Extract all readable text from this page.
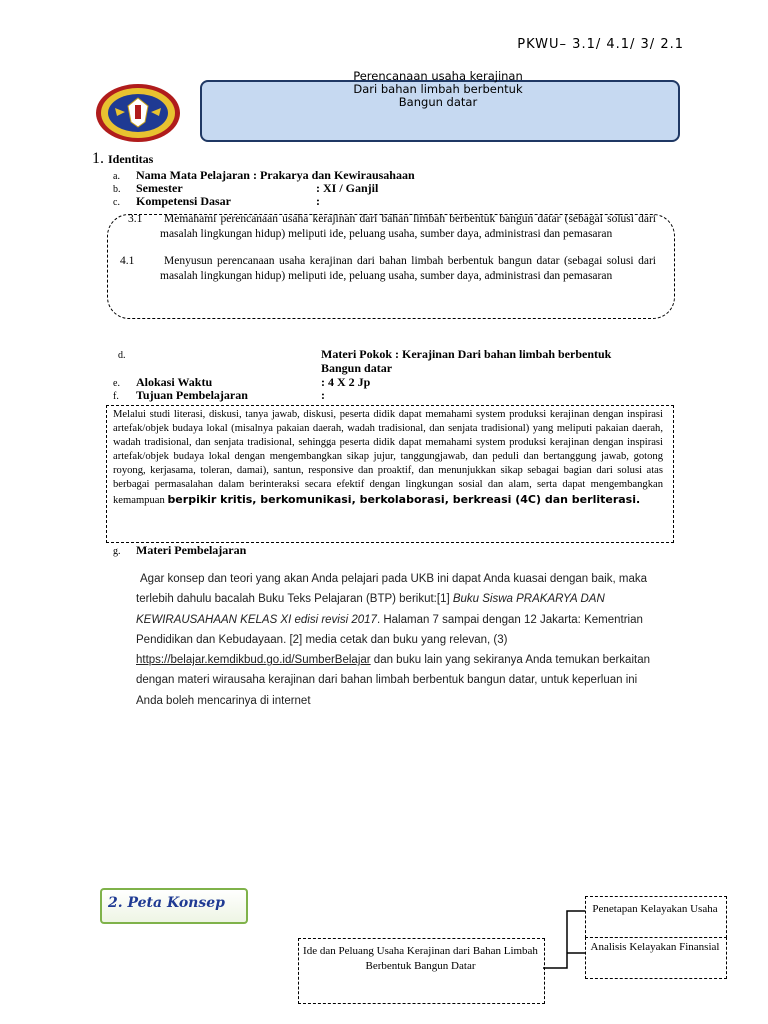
PKWU– 3.1/ 4.1/ 3/ 2.1
Perencanaan usaha kerajinan
Dari bahan limbah berbentuk
Bangun datar
1. Identitas
a. Nama Mata Pelajaran : Prakarya dan Kewirausahaan
b. Semester	: XI / Ganjil
c. Kompetensi Dasar	:
3.1	Memahami perencanaan usaha kerajinan dari bahan limbah berbentuk bangun datar (sebagai solusi dari masalah lingkungan hidup) meliputi ide, peluang usaha, sumber daya, administrasi dan pemasaran
4.1	Menyusun perencanaan usaha kerajinan dari bahan limbah berbentuk bangun datar (sebagai solusi dari masalah lingkungan hidup) meliputi ide, peluang usaha, sumber daya, administrasi dan pemasaran
d.	Materi Pokok : Kerajinan Dari bahan limbah berbentuk
Bangun datar
e. Alokasi Waktu	: 4 X 2 Jp
f. Tujuan Pembelajaran	:
Melalui studi literasi, diskusi, tanya jawab, diskusi, peserta didik dapat memahami system produksi kerajinan dengan inspirasi artefak/objek budaya lokal (misalnya pakaian daerah, wadah tradisional, dan senjata tradisional) yang meliputi pakaian daerah, wadah tradisional, dan senjata tradisional, sehingga peserta didik dapat memahami system produksi kerajinan dengan inspirasi artefak/objek budaya lokal dengan mengembangkan sikap jujur, tanggungjawab, dan peduli dan bertanggung jawab, gotong royong, kerjasama, toleran, damai), santun, responsive dan proaktif, dan menunjukkan sikap sebagai bagian dari solusi atas berbagai permasalahan dalam berinteraksi secara efektif dengan lingkungan sosial dan alam, serta dapat mengembangkan kemampuan berpikir kritis, berkomunikasi, berkolaborasi, berkreasi (4C) dan berliterasi.
g. Materi Pembelajaran
Agar konsep dan teori yang akan Anda pelajari pada UKB ini dapat Anda kuasai dengan baik, maka terlebih dahulu bacalah Buku Teks Pelajaran (BTP) berikut:[1] Buku Siswa PRAKARYA DAN KEWIRAUSAHAAN KELAS XI edisi revisi 2017. Halaman 7 sampai dengan 12 Jakarta: Kementrian Pendidikan dan Kebudayaan. [2] media cetak dan buku yang relevan, (3) https://belajar.kemdikbud.go.id/SumberBelajar dan buku lain yang sekiranya Anda temukan berkaitan dengan materi wirausaha kerajinan dari bahan limbah berbentuk bangun datar, untuk keperluan ini Anda boleh mencarinya di internet
2. Peta Konsep
Ide dan Peluang Usaha Kerajinan dari Bahan Limbah Berbentuk Bangun Datar
Penetapan Kelayakan Usaha
Analisis Kelayakan Finansial
